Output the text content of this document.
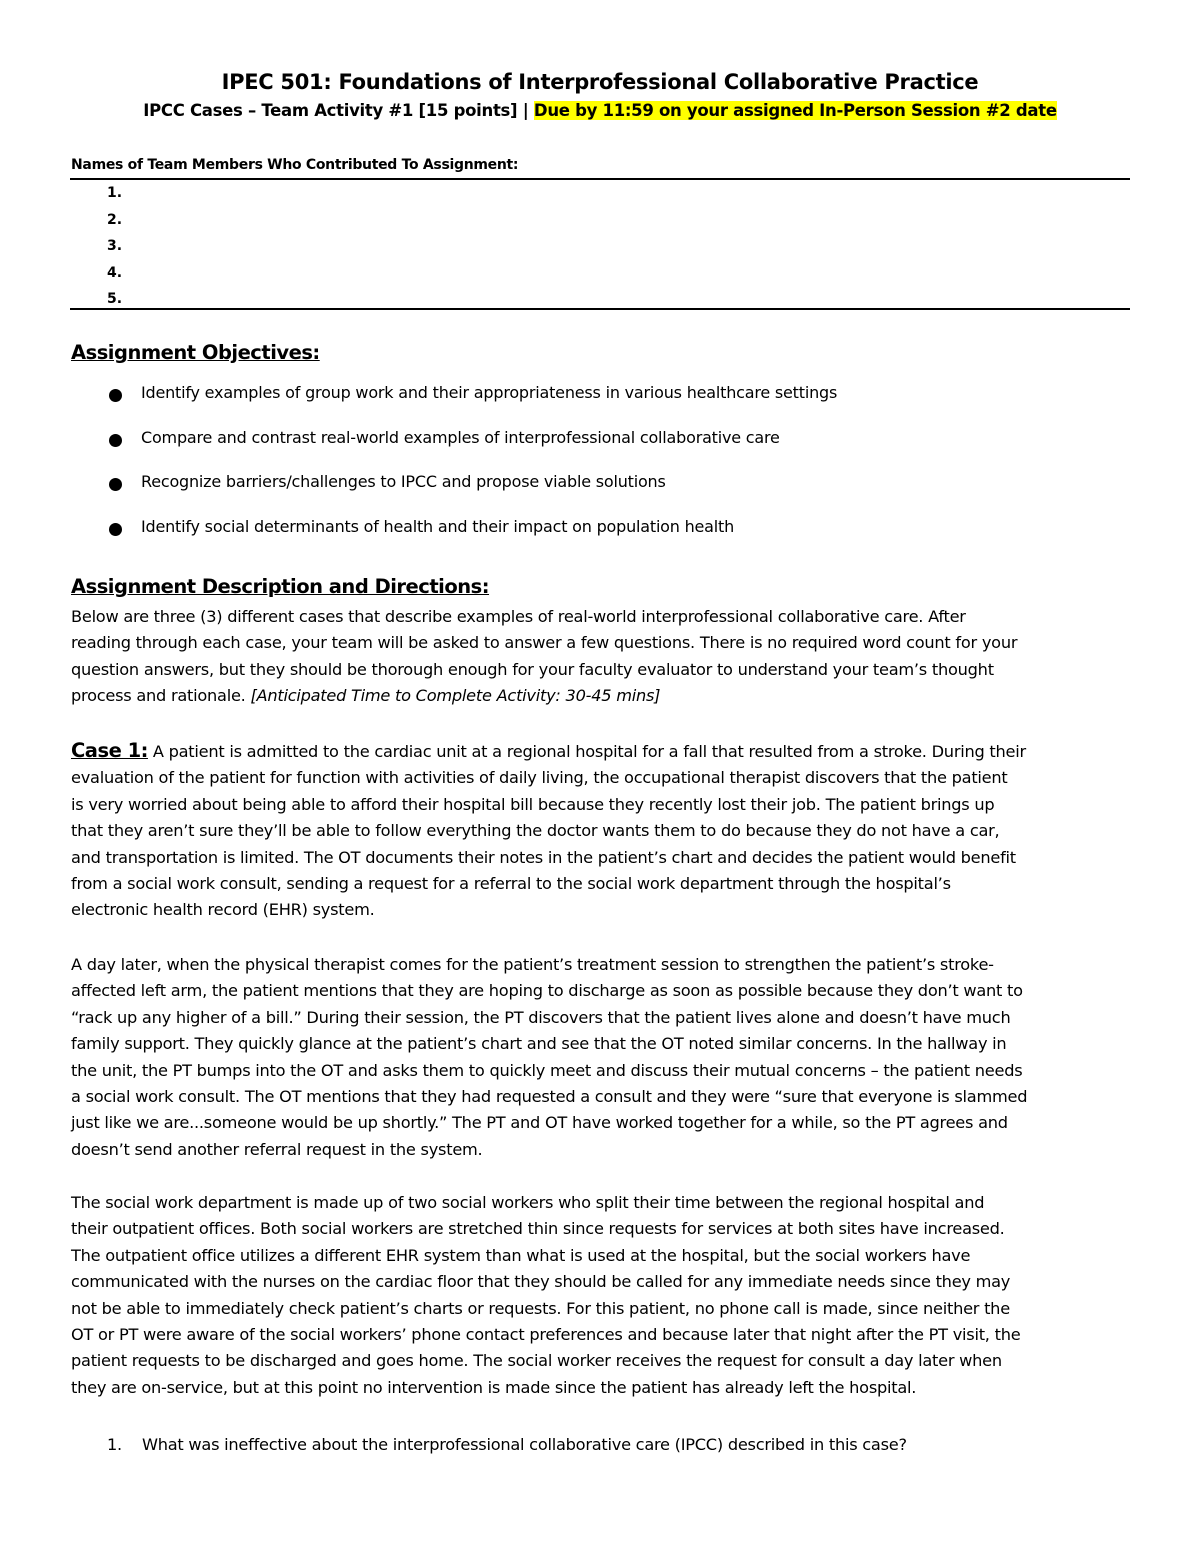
IPEC 501: Foundations of Interprofessional Collaborative Practice
IPCC Cases – Team Activity #1 [15 points] | Due by 11:59 on your assigned In-Person Session #2 date
Names of Team Members Who Contributed To Assignment:
1.
2.
3.
4.
5.
Assignment Objectives:
Identify examples of group work and their appropriateness in various healthcare settings
Compare and contrast real-world examples of interprofessional collaborative care
Recognize barriers/challenges to IPCC and propose viable solutions
Identify social determinants of health and their impact on population health
Assignment Description and Directions:
Below are three (3) different cases that describe examples of real-world interprofessional collaborative care. After
reading through each case, your team will be asked to answer a few questions. There is no required word count for your
question answers, but they should be thorough enough for your faculty evaluator to understand your team’s thought
process and rationale. [Anticipated Time to Complete Activity: 30-45 mins]
Case 1: A patient is admitted to the cardiac unit at a regional hospital for a fall that resulted from a stroke. During their
evaluation of the patient for function with activities of daily living, the occupational therapist discovers that the patient
is very worried about being able to afford their hospital bill because they recently lost their job. The patient brings up
that they aren’t sure they’ll be able to follow everything the doctor wants them to do because they do not have a car,
and transportation is limited. The OT documents their notes in the patient’s chart and decides the patient would benefit
from a social work consult, sending a request for a referral to the social work department through the hospital’s
electronic health record (EHR) system.
A day later, when the physical therapist comes for the patient’s treatment session to strengthen the patient’s stroke-
affected left arm, the patient mentions that they are hoping to discharge as soon as possible because they don’t want to
“rack up any higher of a bill.” During their session, the PT discovers that the patient lives alone and doesn’t have much
family support. They quickly glance at the patient’s chart and see that the OT noted similar concerns. In the hallway in
the unit, the PT bumps into the OT and asks them to quickly meet and discuss their mutual concerns – the patient needs
a social work consult. The OT mentions that they had requested a consult and they were “sure that everyone is slammed
just like we are...someone would be up shortly.” The PT and OT have worked together for a while, so the PT agrees and
doesn’t send another referral request in the system.
The social work department is made up of two social workers who split their time between the regional hospital and
their outpatient offices. Both social workers are stretched thin since requests for services at both sites have increased.
The outpatient office utilizes a different EHR system than what is used at the hospital, but the social workers have
communicated with the nurses on the cardiac floor that they should be called for any immediate needs since they may
not be able to immediately check patient’s charts or requests. For this patient, no phone call is made, since neither the
OT or PT were aware of the social workers’ phone contact preferences and because later that night after the PT visit, the
patient requests to be discharged and goes home. The social worker receives the request for consult a day later when
they are on-service, but at this point no intervention is made since the patient has already left the hospital.
1. What was ineffective about the interprofessional collaborative care (IPCC) described in this case?
